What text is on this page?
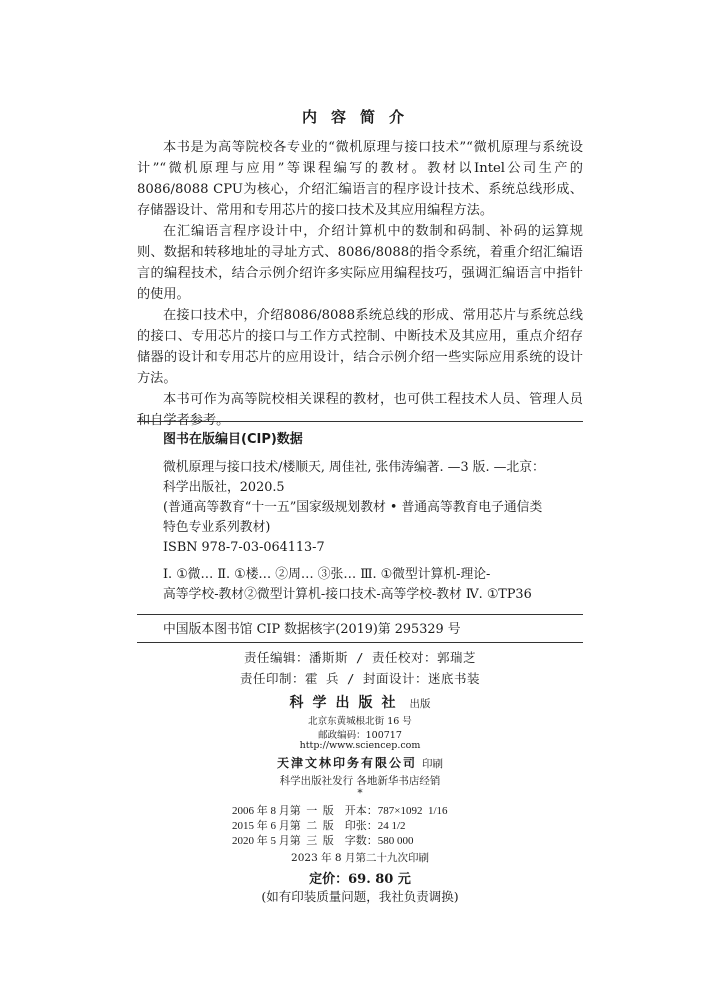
内容简介

本书是为高等院校各专业的“微机原理与接口技术”“微机原理与系统设计”“微机原理与应用”等课程编写的教材。教材以Intel公司生产的8086/8088 CPU为核心，介绍汇编语言的程序设计技术、系统总线形成、存储器设计、常用和专用芯片的接口技术及其应用编程方法。

在汇编语言程序设计中，介绍计算机中的数制和码制、补码的运算规则、数据和转移地址的寻址方式、8086/8088的指令系统，着重介绍汇编语言的编程技术，结合示例介绍许多实际应用编程技巧，强调汇编语言中指针的使用。

在接口技术中，介绍8086/8088系统总线的形成、常用芯片与系统总线的接口、专用芯片的接口与工作方式控制、中断技术及其应用，重点介绍存储器的设计和专用芯片的应用设计，结合示例介绍一些实际应用系统的设计方法。

本书可作为高等院校相关课程的教材，也可供工程技术人员、管理人员和自学者参考。

图书在版编目(CIP)数据

微机原理与接口技术/楼顺天, 周佳社, 张伟涛编著. —3 版. —北京：

科学出版社，2020.5

(普通高等教育“十一五”国家级规划教材 • 普通高等教育电子通信类

特色专业系列教材)

ISBN 978-7-03-064113-7

Ⅰ. ①微… Ⅱ. ①楼… ②周… ③张… Ⅲ. ①微型计算机-理论-

高等学校-教材②微型计算机-接口技术-高等学校-教材 Ⅳ. ①TP36

中国版本图书馆 CIP 数据核字(2019)第 295329 号

责任编辑：潘斯斯 / 责任校对：郭瑞芝
责任印制：霍 兵 / 封面设计：迷底书装
科学出版社 出版
北京东黄城根北街 16 号
邮政编码：100717
http://www.sciencep.com
天津文林印务有限公司 印刷
科学出版社发行 各地新华书店经销
*
2006 年 8 月第  一  版    开本：787×1092  1/16
2015 年 6 月第  二  版    印张：24 1/2
2020 年 5 月第  三  版    字数：580 000
2023 年 8 月第二十九次印刷
定价：69. 80 元
(如有印装质量问题，我社负责调换)
